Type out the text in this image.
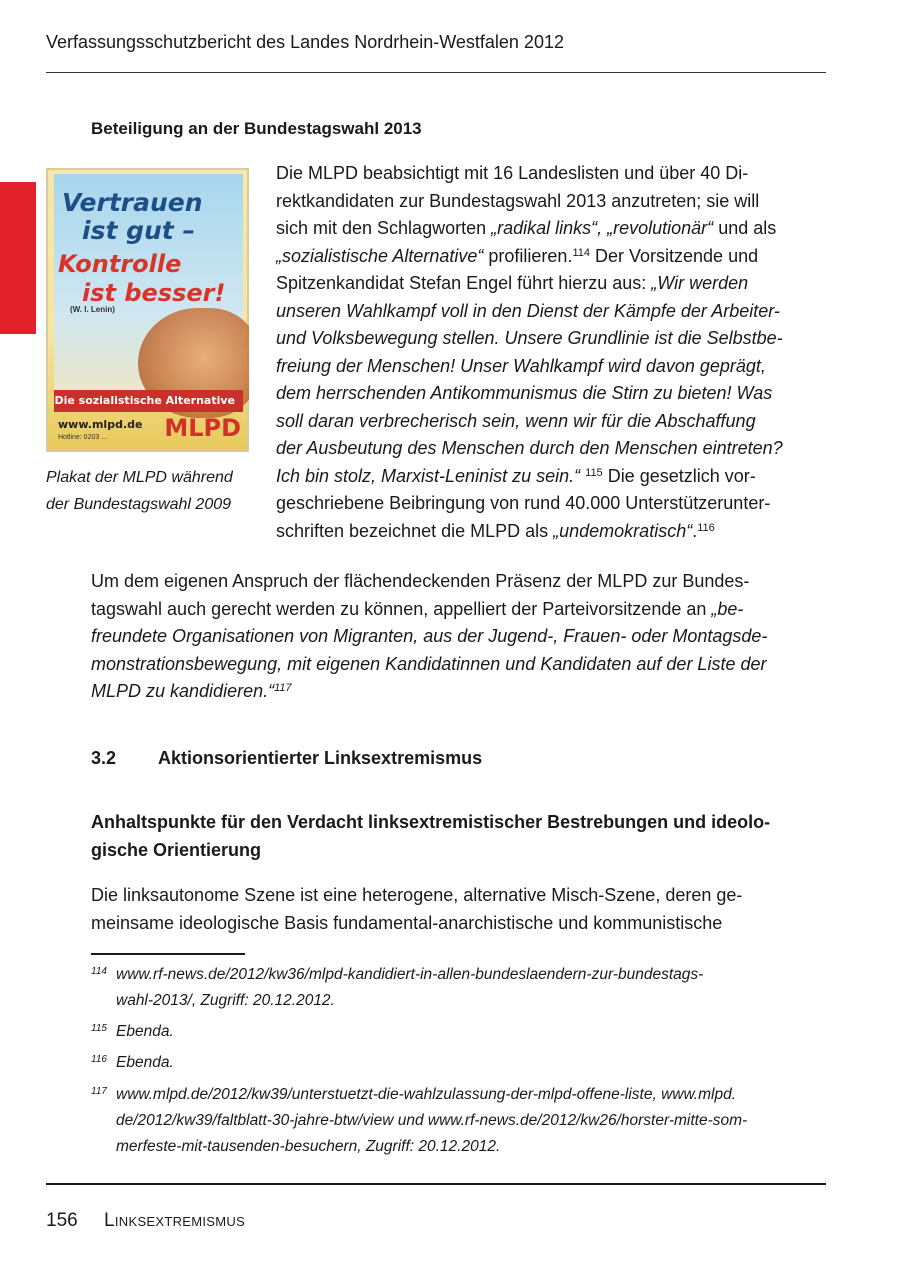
Verfassungsschutzbericht des Landes Nordrhein-Westfalen 2012
Beteiligung an der Bundestagswahl 2013
Vertrauen
ist gut –
Kontrolle
ist besser!
(W. I. Lenin)
Die sozialistische Alternative
www.mlpd.de
Hotline: 0203 ... MLPD
Plakat der MLPD während
der Bundestagswahl 2009
Die MLPD beabsichtigt mit 16 Landeslisten und über 40 Di-
rektkandidaten zur Bundestagswahl 2013 anzutreten; sie will
sich mit den Schlagworten „radikal links“, „revolutionär“ und als
„sozialistische Alternative“ profilieren.$^{114}$ Der Vorsitzende und
Spitzenkandidat Stefan Engel führt hierzu aus: „Wir werden
unseren Wahlkampf voll in den Dienst der Kämpfe der Arbeiter-
und Volksbewegung stellen. Unsere Grundlinie ist die Selbstbe-
freiung der Menschen! Unser Wahlkampf wird davon geprägt,
dem herrschenden Antikommunismus die Stirn zu bieten! Was
soll daran verbrecherisch sein, wenn wir für die Abschaffung
der Ausbeutung des Menschen durch den Menschen eintreten?
Ich bin stolz, Marxist-Leninist zu sein.“ $^{115}$ Die gesetzlich vor-
geschriebene Beibringung von rund 40.000 Unterstützerunter-
schriften bezeichnet die MLPD als „undemokratisch“.$^{116}$
Um dem eigenen Anspruch der flächendeckenden Präsenz der MLPD zur Bundes-
tagswahl auch gerecht werden zu können, appelliert der Parteivorsitzende an „be-
freundete Organisationen von Migranten, aus der Jugend-, Frauen- oder Montagsde-
monstrationsbewegung, mit eigenen Kandidatinnen und Kandidaten auf der Liste der
MLPD zu kandidieren.“$^{117}$
3.2 Aktionsorientierter Linksextremismus
Anhaltspunkte für den Verdacht linksextremistischer Bestrebungen und ideolo-
gische Orientierung
Die linksautonome Szene ist eine heterogene, alternative Misch-Szene, deren ge-
meinsame ideologische Basis fundamental-anarchistische und kommunistische
114 www.rf-news.de/2012/kw36/mlpd-kandidiert-in-allen-bundeslaendern-zur-bundestags-
wahl-2013/, Zugriff: 20.12.2012.
115 Ebenda.
116 Ebenda.
117 www.mlpd.de/2012/kw39/unterstuetzt-die-wahlzulassung-der-mlpd-offene-liste, www.mlpd.
de/2012/kw39/faltblatt-30-jahre-btw/view und www.rf-news.de/2012/kw26/horster-mitte-som-
merfeste-mit-tausenden-besuchern, Zugriff: 20.12.2012.
156 Linksextremismus
